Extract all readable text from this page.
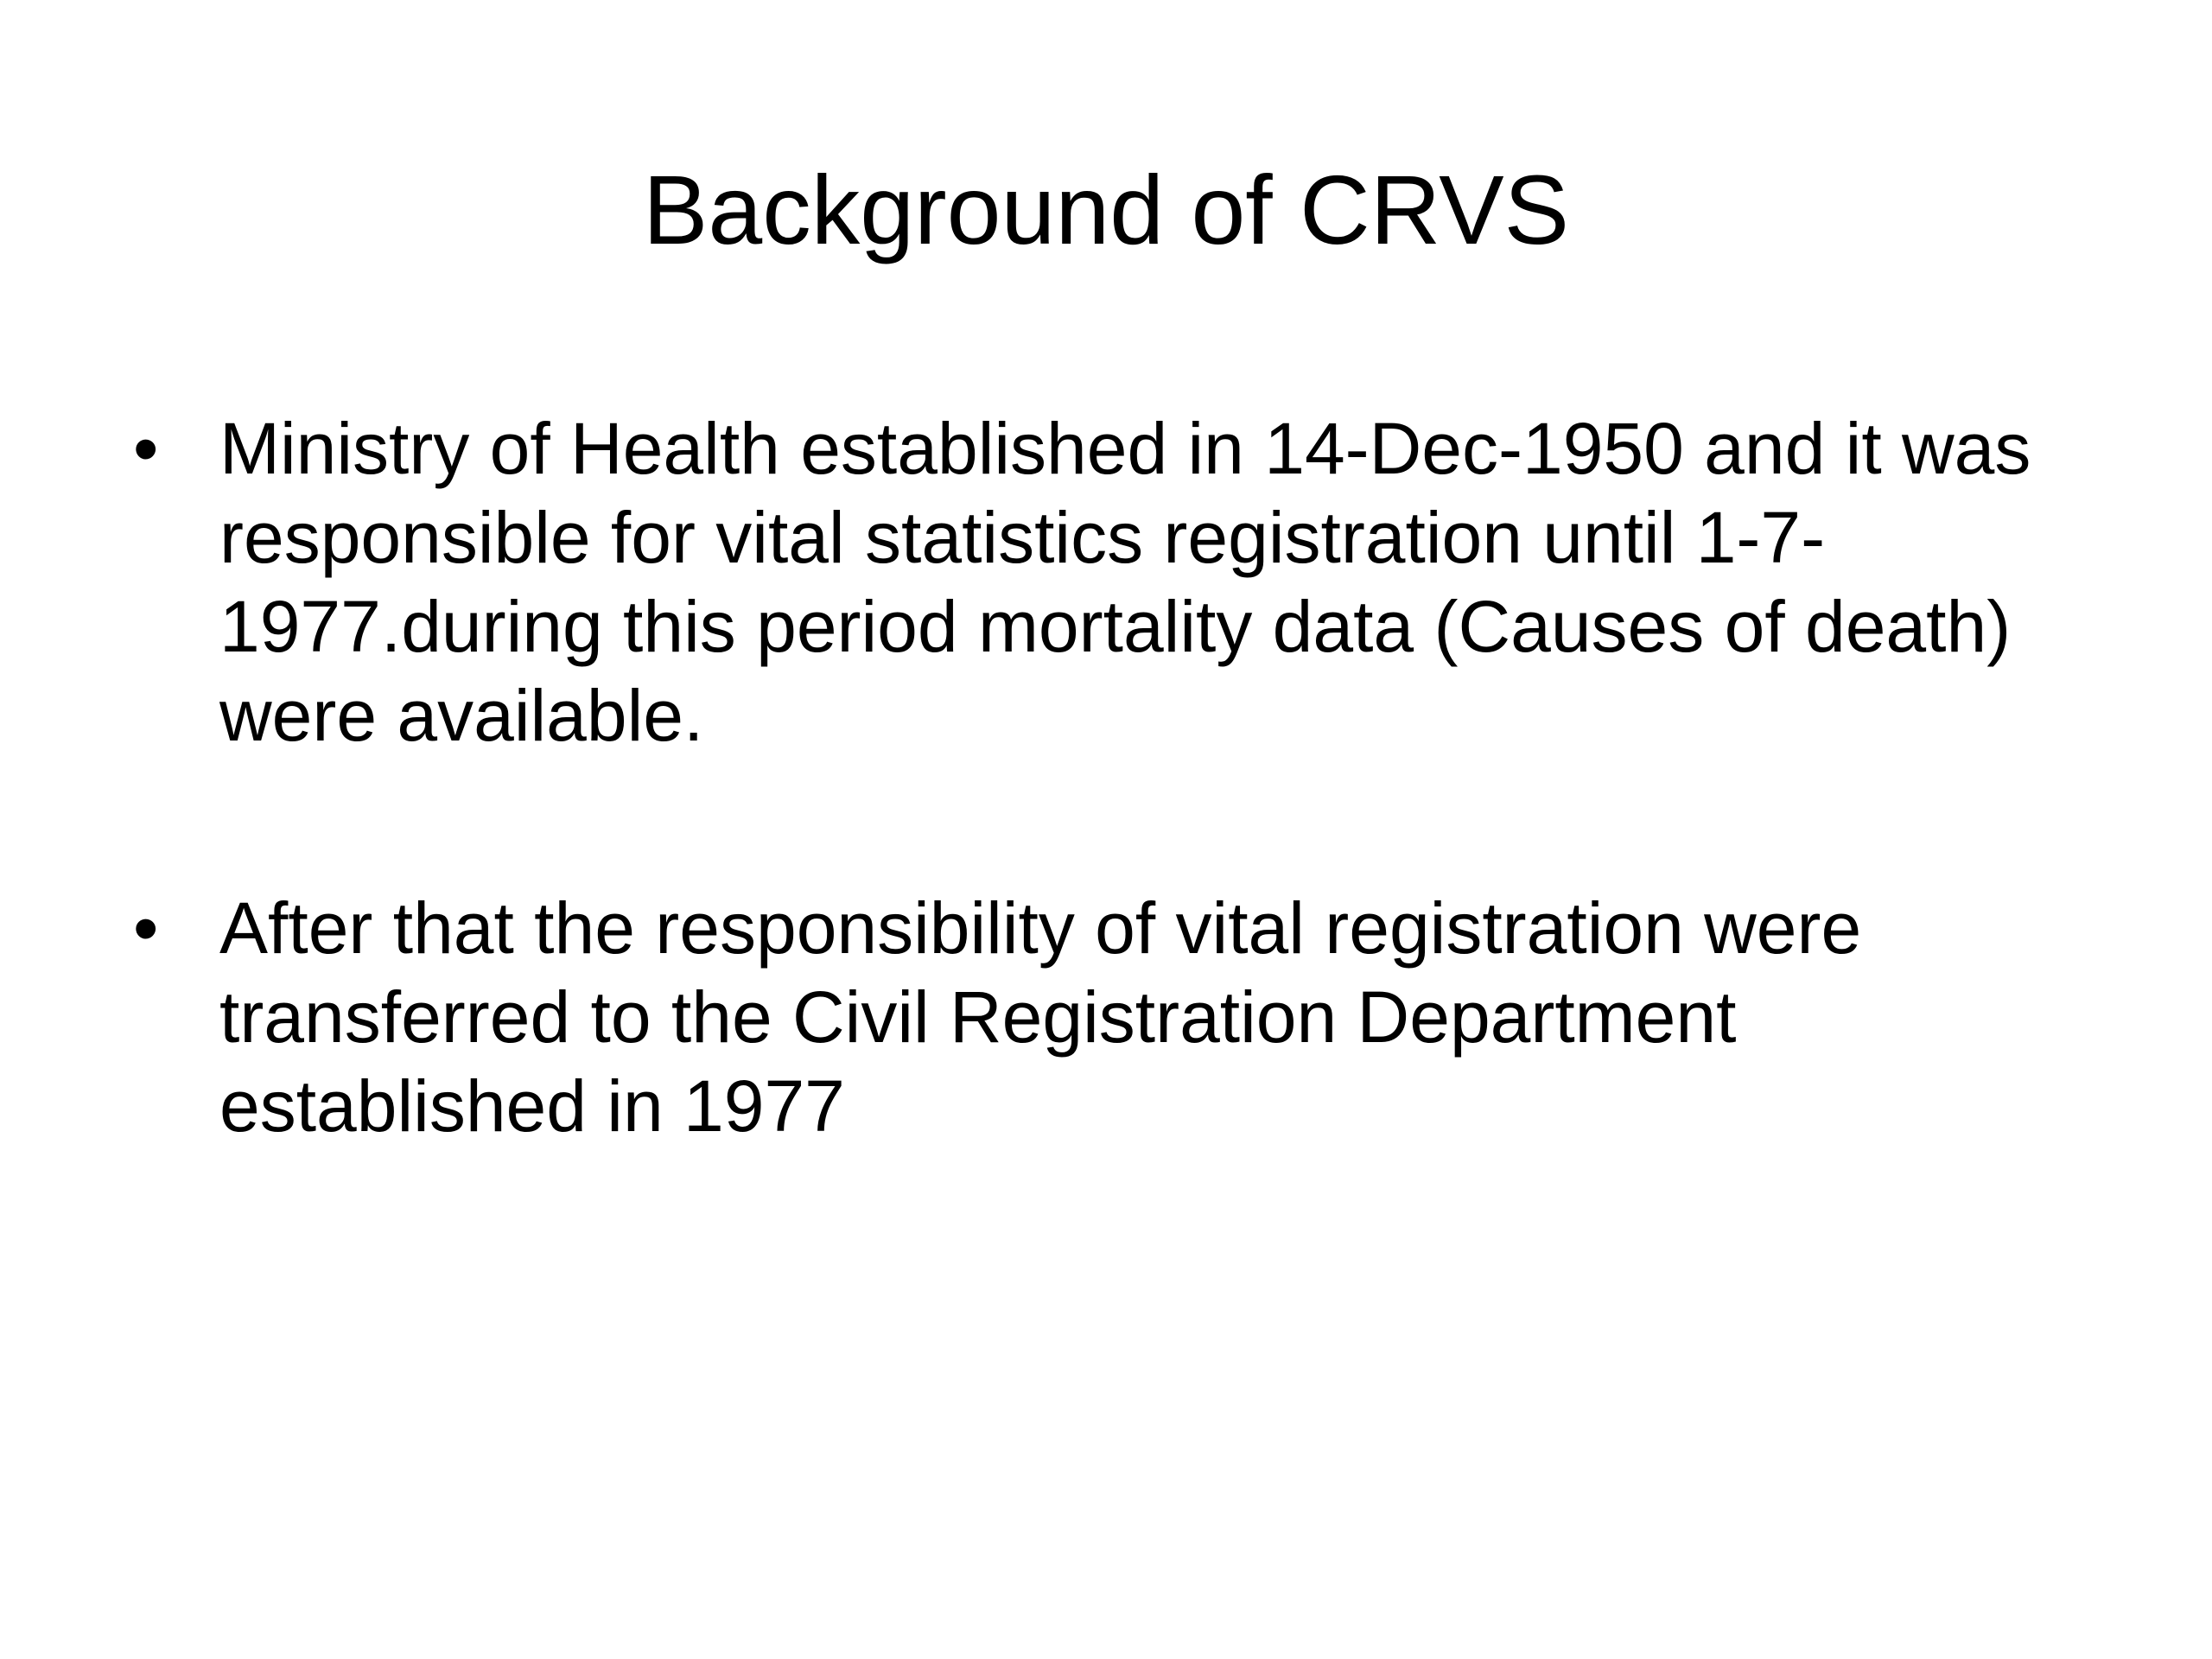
Background of CRVS
• Ministry of Health established in 14-Dec-1950 and it was
responsible for vital statistics registration until 1-7-
1977.during this period mortality data (Causes of death)
were available.
• After that the responsibility of vital registration were
transferred to the Civil Registration Department
established in 1977
